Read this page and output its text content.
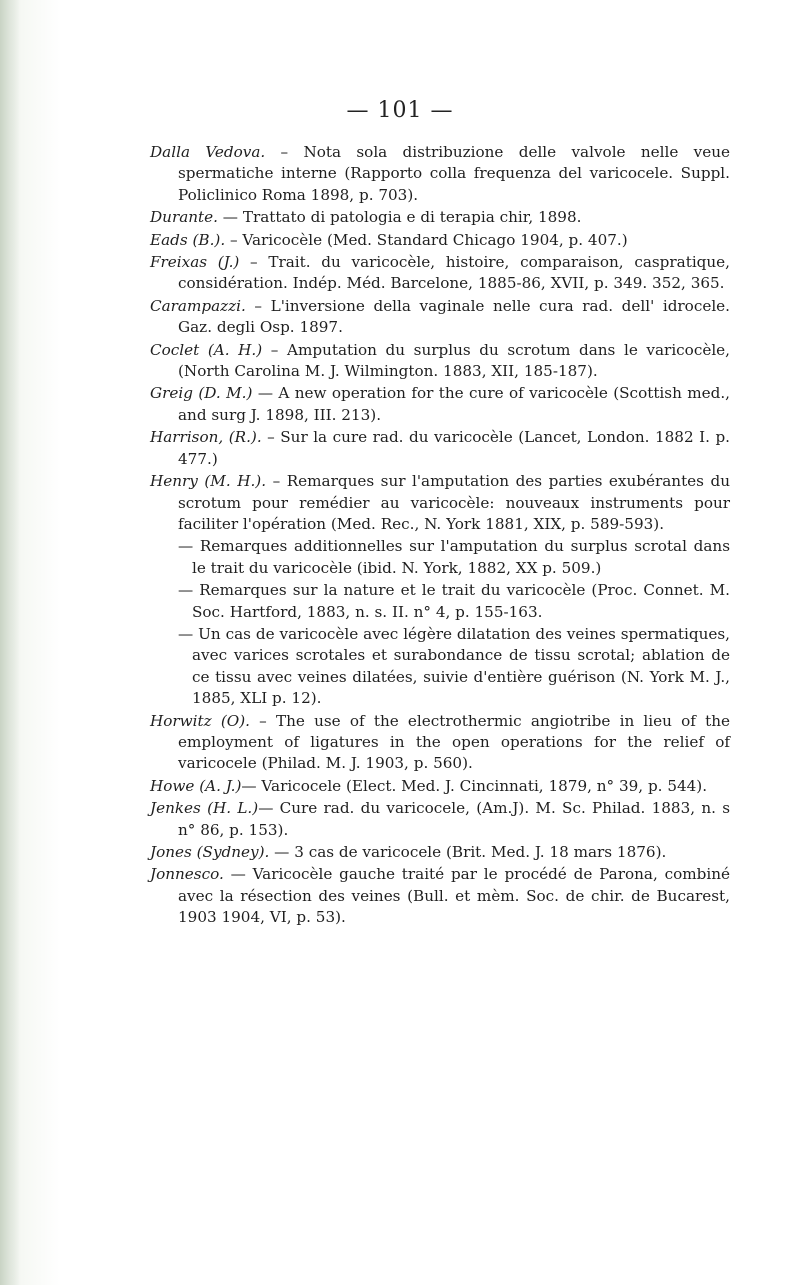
— 101 —
Dalla Vedova. – Nota sola distribuzione delle valvole nelle veue spermatiche interne (Rapporto colla frequenza del varicocele. Suppl. Policlinico Roma 1898, p. 703).
Durante. — Trattato di patologia e di terapia chir, 1898.
Eads (B.). – Varicocèle (Med. Standard Chicago 1904, p. 407.)
Freixas (J.) – Trait. du varicocèle, histoire, comparaison, caspratique, considération. Indép. Méd. Barcelone, 1885-86, XVII, p. 349. 352, 365.
Carampazzi. – L'inversione della vaginale nelle cura rad. dell' idrocele. Gaz. degli Osp. 1897.
Coclet (A. H.) – Amputation du surplus du scrotum dans le varicocèle, (North Carolina M. J. Wilmington. 1883, XII, 185-187).
Greig (D. M.) — A new operation for the cure of varicocèle (Scottish med., and surg J. 1898, III. 213).
Harrison, (R.). – Sur la cure rad. du varicocèle (Lancet, London. 1882 I. p. 477.)
Henry (M. H.). – Remarques sur l'amputation des parties exubérantes du scrotum pour remédier au varicocèle: nouveaux instruments pour faciliter l'opération (Med. Rec., N. York 1881, XIX, p. 589-593).
— Remarques additionnelles sur l'amputation du surplus scrotal dans le trait du varicocèle (ibid. N. York, 1882, XX p. 509.)
— Remarques sur la nature et le trait du varicocèle (Proc. Connet. M. Soc. Hartford, 1883, n. s. II. n° 4, p. 155-163.
— Un cas de varicocèle avec légère dilatation des veines spermatiques, avec varices scrotales et surabondance de tissu scrotal; ablation de ce tissu avec veines dilatées, suivie d'entière guérison (N. York M. J., 1885, XLI p. 12).
Horwitz (O). – The use of the electrothermic angiotribe in lieu of the employment of ligatures in the open operations for the relief of varicocele (Philad. M. J. 1903, p. 560).
Howe (A. J.)— Varicocele (Elect. Med. J. Cincinnati, 1879, n° 39, p. 544).
Jenkes (H. L.)— Cure rad. du varicocele, (Am.J). M. Sc. Philad. 1883, n. s n° 86, p. 153).
Jones (Sydney). — 3 cas de varicocele (Brit. Med. J. 18 mars 1876).
Jonnesco. — Varicocèle gauche traité par le procédé de Parona, combiné avec la résection des veines (Bull. et mèm. Soc. de chir. de Bucarest, 1903 1904, VI, p. 53).
